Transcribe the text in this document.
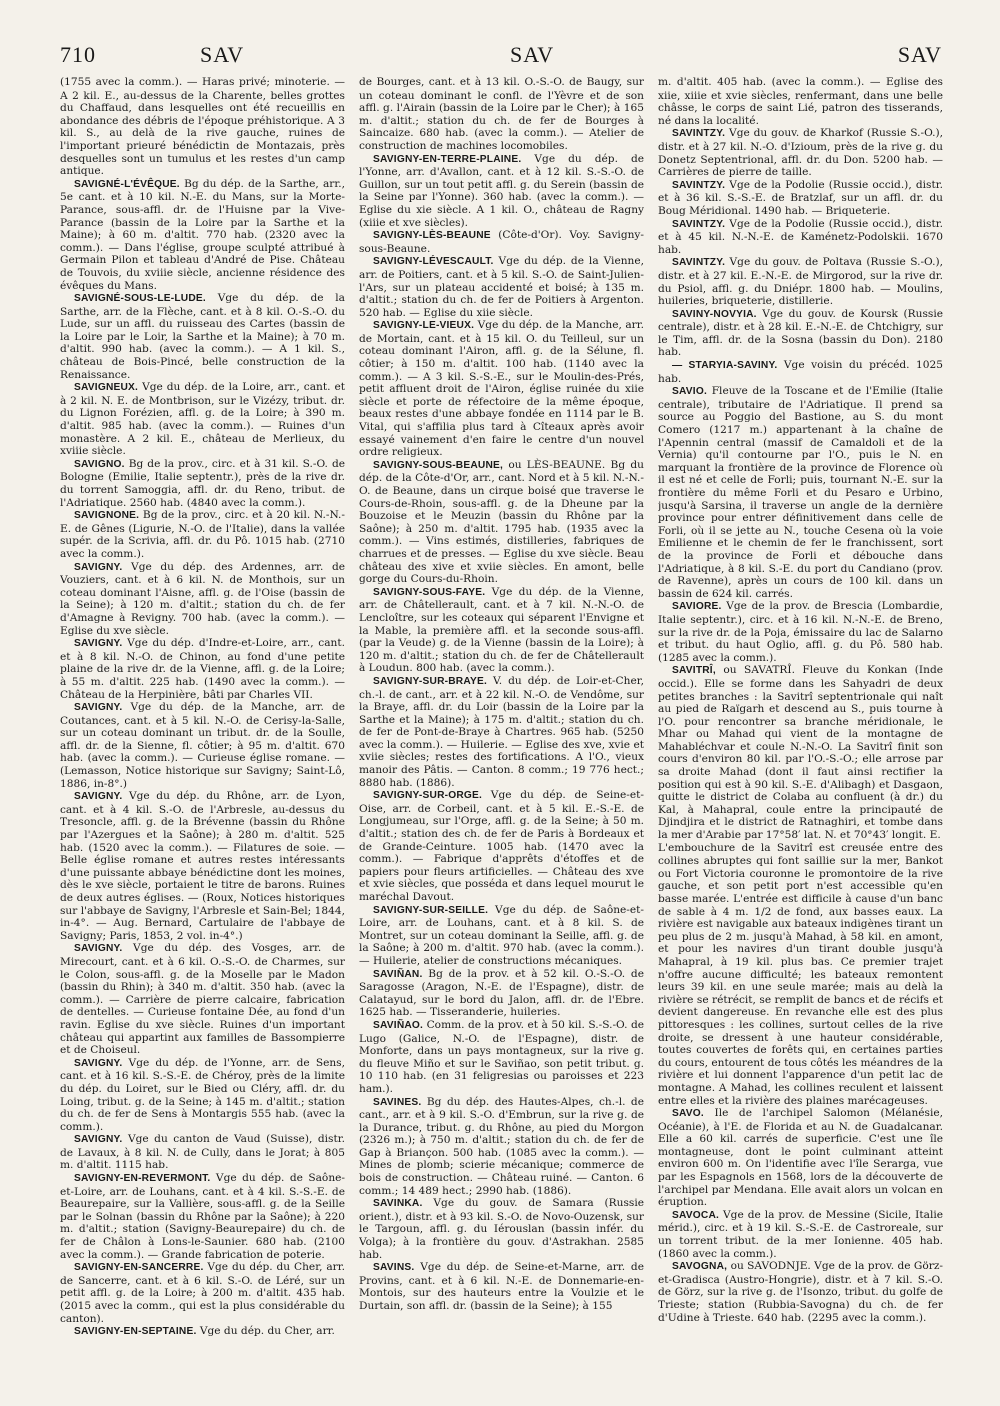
710	SAV	SAV	SAV

(1755 avec la comm.). — Haras privé; minoterie. — A 2 kil. E., au-dessus de la Charente, belles grottes du Chaffaud, dans lesquelles ont été recueillis en abondance des débris de l'époque préhistorique. A 3 kil. S., au delà de la rive gauche, ruines de l'important prieuré bénédictin de Montazais, près desquelles sont un tumulus et les restes d'un camp antique.

SAVIGNÉ-L'ÉVÊQUE. Bg du dép. de la Sarthe, arr., 5e cant. et à 10 kil. N.-E. du Mans, sur la Morte-Parance, sous-affl. dr. de l'Huisne par la Vive-Parance (bassin de la Loire par la Sarthe et la Maine); à 60 m. d'altit. 770 hab. (2320 avec la comm.). — Dans l'église, groupe sculpté attribué à Germain Pilon et tableau d'André de Pise. Château de Touvois, du xviiie siècle, ancienne résidence des évêques du Mans.

SAVIGNÉ-SOUS-LE-LUDE. Vge du dép. de la Sarthe, arr. de la Flèche, cant. et à 8 kil. O.-S.-O. du Lude, sur un affl. du ruisseau des Cartes (bassin de la Loire par le Loir, la Sarthe et la Maine); à 70 m. d'altit. 990 hab. (avec la comm.). — A 1 kil. S., château de Bois-Pincé, belle construction de la Renaissance.

SAVIGNEUX. Vge du dép. de la Loire, arr., cant. et à 2 kil. N. E. de Montbrison, sur le Vizézy, tribut. dr. du Lignon Forézien, affl. g. de la Loire; à 390 m. d'altit. 985 hab. (avec la comm.). — Ruines d'un monastère. A 2 kil. E., château de Merlieux, du xviiie siècle.

SAVIGNO. Bg de la prov., circ. et à 31 kil. S.-O. de Bologne (Emilie, Italie septentr.), près de la rive dr. du torrent Samoggia, affl. dr. du Reno, tribut. de l'Adriatique. 2560 hab. (4840 avec la comm.).

SAVIGNONE. Bg de la prov., circ. et à 20 kil. N.-N.-E. de Gênes (Ligurie, N.-O. de l'Italie), dans la vallée supér. de la Scrivia, affl. dr. du Pô. 1015 hab. (2710 avec la comm.).

SAVIGNY. Vge du dép. des Ardennes, arr. de Vouziers, cant. et à 6 kil. N. de Monthois, sur un coteau dominant l'Aisne, affl. g. de l'Oise (bassin de la Seine); à 120 m. d'altit.; station du ch. de fer d'Amagne à Revigny. 700 hab. (avec la comm.). — Eglise du xve siècle.

SAVIGNY. Vge du dép. d'Indre-et-Loire, arr., cant. et à 8 kil. N.-O. de Chinon, au fond d'une petite plaine de la rive dr. de la Vienne, affl. g. de la Loire; à 55 m. d'altit. 225 hab. (1490 avec la comm.). — Château de la Herpinière, bâti par Charles VII.

SAVIGNY. Vge du dép. de la Manche, arr. de Coutances, cant. et à 5 kil. N.-O. de Cerisy-la-Salle, sur un coteau dominant un tribut. dr. de la Soulle, affl. dr. de la Sienne, fl. côtier; à 95 m. d'altit. 670 hab. (avec la comm.). — Curieuse église romane. — (Lemasson, Notice historique sur Savigny; Saint-Lô, 1886, in-8°.)

SAVIGNY. Vge du dép. du Rhône, arr. de Lyon, cant. et à 4 kil. S.-O. de l'Arbresle, au-dessus du Tresoncle, affl. g. de la Brévenne (bassin du Rhône par l'Azergues et la Saône); à 280 m. d'altit. 525 hab. (1520 avec la comm.). — Filatures de soie. — Belle église romane et autres restes intéressants d'une puissante abbaye bénédictine dont les moines, dès le xve siècle, portaient le titre de barons. Ruines de deux autres églises. — (Roux, Notices historiques sur l'abbaye de Savigny, l'Arbresle et Sain-Bel; 1844, in-4°. — Aug. Bernard, Cartulaire de l'abbaye de Savigny; Paris, 1853, 2 vol. in-4°.)

SAVIGNY. Vge du dép. des Vosges, arr. de Mirecourt, cant. et à 6 kil. O.-S.-O. de Charmes, sur le Colon, sous-affl. g. de la Moselle par le Madon (bassin du Rhin); à 340 m. d'altit. 350 hab. (avec la comm.). — Carrière de pierre calcaire, fabrication de dentelles. — Curieuse fontaine Dée, au fond d'un ravin. Eglise du xve siècle. Ruines d'un important château qui appartint aux familles de Bassompierre et de Choiseul.

SAVIGNY. Vge du dép. de l'Yonne, arr. de Sens, cant. et à 16 kil. S.-S.-E. de Chéroy, près de la limite du dép. du Loiret, sur le Bied ou Cléry, affl. dr. du Loing, tribut. g. de la Seine; à 145 m. d'altit.; station du ch. de fer de Sens à Montargis 555 hab. (avec la comm.).

SAVIGNY. Vge du canton de Vaud (Suisse), distr. de Lavaux, à 8 kil. N. de Cully, dans le Jorat; à 805 m. d'altit. 1115 hab.

SAVIGNY-EN-REVERMONT. Vge du dép. de Saône-et-Loire, arr. de Louhans, cant. et à 4 kil. S.-S.-E. de Beaurepaire, sur la Vallière, sous-affl. g. de la Seille par le Solnan (bassin du Rhône par la Saône); à 220 m. d'altit.; station (Savigny-Beaurepaire) du ch. de fer de Châlon à Lons-le-Saunier. 680 hab. (2100 avec la comm.). — Grande fabrication de poterie.

SAVIGNY-EN-SANCERRE. Vge du dép. du Cher, arr. de Sancerre, cant. et à 6 kil. S.-O. de Léré, sur un petit affl. g. de la Loire; à 200 m. d'altit. 435 hab. (2015 avec la comm., qui est la plus considérable du canton).

SAVIGNY-EN-SEPTAINE. Vge du dép. du Cher, arr.

de Bourges, cant. et à 13 kil. O.-S.-O. de Baugy, sur un coteau dominant le confl. de l'Yèvre et de son affl. g. l'Airain (bassin de la Loire par le Cher); à 165 m. d'altit.; station du ch. de fer de Bourges à Saincaize. 680 hab. (avec la comm.). — Atelier de construction de machines locomobiles.

SAVIGNY-EN-TERRE-PLAINE. Vge du dép. de l'Yonne, arr. d'Avallon, cant. et à 12 kil. S.-S.-O. de Guillon, sur un tout petit affl. g. du Serein (bassin de la Seine par l'Yonne). 360 hab. (avec la comm.). — Eglise du xie siècle. A 1 kil. O., château de Ragny (xiiie et xve siècles).

SAVIGNY-LÈS-BEAUNE (Côte-d'Or). Voy. Savigny-sous-Beaune.

SAVIGNY-LÉVESCAULT. Vge du dép. de la Vienne, arr. de Poitiers, cant. et à 5 kil. S.-O. de Saint-Julien-l'Ars, sur un plateau accidenté et boisé; à 135 m. d'altit.; station du ch. de fer de Poitiers à Argenton. 520 hab. — Eglise du xiie siècle.

SAVIGNY-LE-VIEUX. Vge du dép. de la Manche, arr. de Mortain, cant. et à 15 kil. O. du Teilleul, sur un coteau dominant l'Airon, affl. g. de la Sélune, fl. côtier; à 150 m. d'altit. 100 hab. (1140 avec la comm.). — A 3 kil. S.-S.-E., sur le Moulin-des-Prés, petit affluent droit de l'Airon, église ruinée du xiie siècle et porte de réfectoire de la même époque, beaux restes d'une abbaye fondée en 1114 par le B. Vital, qui s'affilia plus tard à Cîteaux après avoir essayé vainement d'en faire le centre d'un nouvel ordre religieux.

SAVIGNY-SOUS-BEAUNE, ou LÈS-BEAUNE. Bg du dép. de la Côte-d'Or, arr., cant. Nord et à 5 kil. N.-N.-O. de Beaune, dans un cirque boisé que traverse le Cours-de-Rhoin, sous-affl. g. de la Dheune par la Bouzoise et le Meuzin (bassin du Rhône par la Saône); à 250 m. d'altit. 1795 hab. (1935 avec la comm.). — Vins estimés, distilleries, fabriques de charrues et de presses. — Eglise du xve siècle. Beau château des xive et xviie siècles. En amont, belle gorge du Cours-du-Rhoin.

SAVIGNY-SOUS-FAYE. Vge du dép. de la Vienne, arr. de Châtellerault, cant. et à 7 kil. N.-N.-O. de Lencloître, sur les coteaux qui séparent l'Envigne et la Mable, la première affl. et la seconde sous-affl. (par la Veude) g. de la Vienne (bassin de la Loire); à 120 m. d'altit.; station du ch. de fer de Châtellerault à Loudun. 800 hab. (avec la comm.).

SAVIGNY-SUR-BRAYE. V. du dép. de Loir-et-Cher, ch.-l. de cant., arr. et à 22 kil. N.-O. de Vendôme, sur la Braye, affl. dr. du Loir (bassin de la Loire par la Sarthe et la Maine); à 175 m. d'altit.; station du ch. de fer de Pont-de-Braye à Chartres. 965 hab. (5250 avec la comm.). — Huilerie. — Eglise des xve, xvie et xviie siècles; restes des fortifications. A l'O., vieux manoir des Pâtis. — Canton. 8 comm.; 19 776 hect.; 8880 hab. (1886).

SAVIGNY-SUR-ORGE. Vge du dép. de Seine-et-Oise, arr. de Corbeil, cant. et à 5 kil. E.-S.-E. de Longjumeau, sur l'Orge, affl. g. de la Seine; à 50 m. d'altit.; station des ch. de fer de Paris à Bordeaux et de Grande-Ceinture. 1005 hab. (1470 avec la comm.). — Fabrique d'apprêts d'étoffes et de papiers pour fleurs artificielles. — Château des xve et xvie siècles, que posséda et dans lequel mourut le maréchal Davout.

SAVIGNY-SUR-SEILLE. Vge du dép. de Saône-et-Loire, arr. de Louhans, cant. et à 8 kil. S. de Montret, sur un coteau dominant la Seille, affl. g. de la Saône; à 200 m. d'altit. 970 hab. (avec la comm.). — Huilerie, atelier de constructions mécaniques.

SAVIÑAN. Bg de la prov. et à 52 kil. O.-S.-O. de Saragosse (Aragon, N.-E. de l'Espagne), distr. de Calatayud, sur le bord du Jalon, affl. dr. de l'Ebre. 1625 hab. — Tisseranderie, huileries.

SAVIÑAO. Comm. de la prov. et à 50 kil. S.-S.-O. de Lugo (Galice, N.-O. de l'Espagne), distr. de Monforte, dans un pays montagneux, sur la rive g. du fleuve Miño et sur le Saviñao, son petit tribut. g. 10 110 hab. (en 31 feligresias ou paroisses et 223 ham.).

SAVINES. Bg du dép. des Hautes-Alpes, ch.-l. de cant., arr. et à 9 kil. S.-O. d'Embrun, sur la rive g. de la Durance, tribut. g. du Rhône, au pied du Morgon (2326 m.); à 750 m. d'altit.; station du ch. de fer de Gap à Briançon. 500 hab. (1085 avec la comm.). — Mines de plomb; scierie mécanique; commerce de bois de construction. — Château ruiné. — Canton. 6 comm.; 14 489 hect.; 2990 hab. (1886).

SAVINKA. Vge du gouv. de Samara (Russie orient.), distr. et à 93 kil. S.-O. de Novo-Ouzensk, sur le Targoun, affl. g. du Iérouslan (bassin infér. du Volga); à la frontière du gouv. d'Astrakhan. 2585 hab.

SAVINS. Vge du dép. de Seine-et-Marne, arr. de Provins, cant. et à 6 kil. N.-E. de Donnemarie-en-Montois, sur des hauteurs entre la Voulzie et le Durtain, son affl. dr. (bassin de la Seine); à 155

m. d'altit. 405 hab. (avec la comm.). — Eglise des xiie, xiiie et xvie siècles, renfermant, dans une belle châsse, le corps de saint Lié, patron des tisserands, né dans la localité.

SAVINTZY. Vge du gouv. de Kharkof (Russie S.-O.), distr. et à 27 kil. N.-O. d'Izioum, près de la rive g. du Donetz Septentrional, affl. dr. du Don. 5200 hab. — Carrières de pierre de taille.

SAVINTZY. Vge de la Podolie (Russie occid.), distr. et à 36 kil. S.-S.-E. de Bratzlaf, sur un affl. dr. du Boug Méridional. 1490 hab. — Briqueterie.

SAVINTZY. Vge de la Podolie (Russie occid.), distr. et à 45 kil. N.-N.-E. de Kaménetz-Podolskii. 1670 hab.

SAVINTZY. Vge du gouv. de Poltava (Russie S.-O.), distr. et à 27 kil. E.-N.-E. de Mirgorod, sur la rive dr. du Psiol, affl. g. du Dniépr. 1800 hab. — Moulins, huileries, briqueterie, distillerie.

SAVINY-NOVYIA. Vge du gouv. de Koursk (Russie centrale), distr. et à 28 kil. E.-N.-E. de Chtchigry, sur le Tim, affl. dr. de la Sosna (bassin du Don). 2180 hab.

— STARYIA-SAVINY. Vge voisin du précéd. 1025 hab.

SAVIO. Fleuve de la Toscane et de l'Emilie (Italie centrale), tributaire de l'Adriatique. Il prend sa source au Poggio del Bastione, au S. du mont Comero (1217 m.) appartenant à la chaîne de l'Apennin central (massif de Camaldoli et de la Vernia) qu'il contourne par l'O., puis le N. en marquant la frontière de la province de Florence où il est né et celle de Forli; puis, tournant N.-E. sur la frontière du même Forli et du Pesaro e Urbino, jusqu'à Sarsina, il traverse un angle de la dernière province pour entrer définitivement dans celle de Forli, où il se jette au N., touche Cesena où la voie Emilienne et le chemin de fer le franchissent, sort de la province de Forli et débouche dans l'Adriatique, à 8 kil. S.-E. du port du Candiano (prov. de Ravenne), après un cours de 100 kil. dans un bassin de 624 kil. carrés.

SAVIORE. Vge de la prov. de Brescia (Lombardie, Italie septentr.), circ. et à 16 kil. N.-N.-E. de Breno, sur la rive dr. de la Poja, émissaire du lac de Salarno et tribut. du haut Oglio, affl. g. du Pô. 580 hab. (1285 avec la comm.).

SAVITRÎ, ou SAVATRÎ. Fleuve du Konkan (Inde occid.). Elle se forme dans les Sahyadri de deux petites branches : la Savitrî septentrionale qui naît au pied de Raïgarh et descend au S., puis tourne à l'O. pour rencontrer sa branche méridionale, le Mhar ou Mahad qui vient de la montagne de Mahabléchvar et coule N.-N.-O. La Savitrî finit son cours d'environ 80 kil. par l'O.-S.-O.; elle arrose par sa droite Mahad (dont il faut ainsi rectifier la position qui est à 90 kil. S.-E. d'Alibagh) et Dasgaon, quitte le district de Colaba au confluent (à dr.) du Kal, à Mahapral, coule entre la principauté de Djindjira et le district de Ratnaghiri, et tombe dans la mer d'Arabie par 17°58′ lat. N. et 70°43′ longit. E.

L'embouchure de la Savitrî est creusée entre des collines abruptes qui font saillie sur la mer, Bankot ou Fort Victoria couronne le promontoire de la rive gauche, et son petit port n'est accessible qu'en basse marée. L'entrée est difficile à cause d'un banc de sable à 4 m. 1/2 de fond, aux basses eaux. La rivière est navigable aux bateaux indigènes tirant un peu plus de 2 m. jusqu'à Mahad, à 58 kil. en amont, et pour les navires d'un tirant double jusqu'à Mahapral, à 19 kil. plus bas. Ce premier trajet n'offre aucune difficulté; les bateaux remontent leurs 39 kil. en une seule marée; mais au delà la rivière se rétrécit, se remplit de bancs et de récifs et devient dangereuse. En revanche elle est des plus pittoresques : les collines, surtout celles de la rive droite, se dressent à une hauteur considérable, toutes couvertes de forêts qui, en certaines parties du cours, entourent de tous côtés les méandres de la rivière et lui donnent l'apparence d'un petit lac de montagne. A Mahad, les collines reculent et laissent entre elles et la rivière des plaines marécageuses.

SAVO. Ile de l'archipel Salomon (Mélanésie, Océanie), à l'E. de Florida et au N. de Guadalcanar. Elle a 60 kil. carrés de superficie. C'est une île montagneuse, dont le point culminant atteint environ 600 m. On l'identifie avec l'île Serarga, vue par les Espagnols en 1568, lors de la découverte de l'archipel par Mendana. Elle avait alors un volcan en éruption.

SAVOCA. Vge de la prov. de Messine (Sicile, Italie mérid.), circ. et à 19 kil. S.-S.-E. de Castroreale, sur un torrent tribut. de la mer Ionienne. 405 hab. (1860 avec la comm.).

SAVOGNA, ou SAVODNJE. Vge de la prov. de Görz-et-Gradisca (Austro-Hongrie), distr. et à 7 kil. S.-O. de Görz, sur la rive g. de l'Isonzo, tribut. du golfe de Trieste; station (Rubbia-Savogna) du ch. de fer d'Udine à Trieste. 640 hab. (2295 avec la comm.).
